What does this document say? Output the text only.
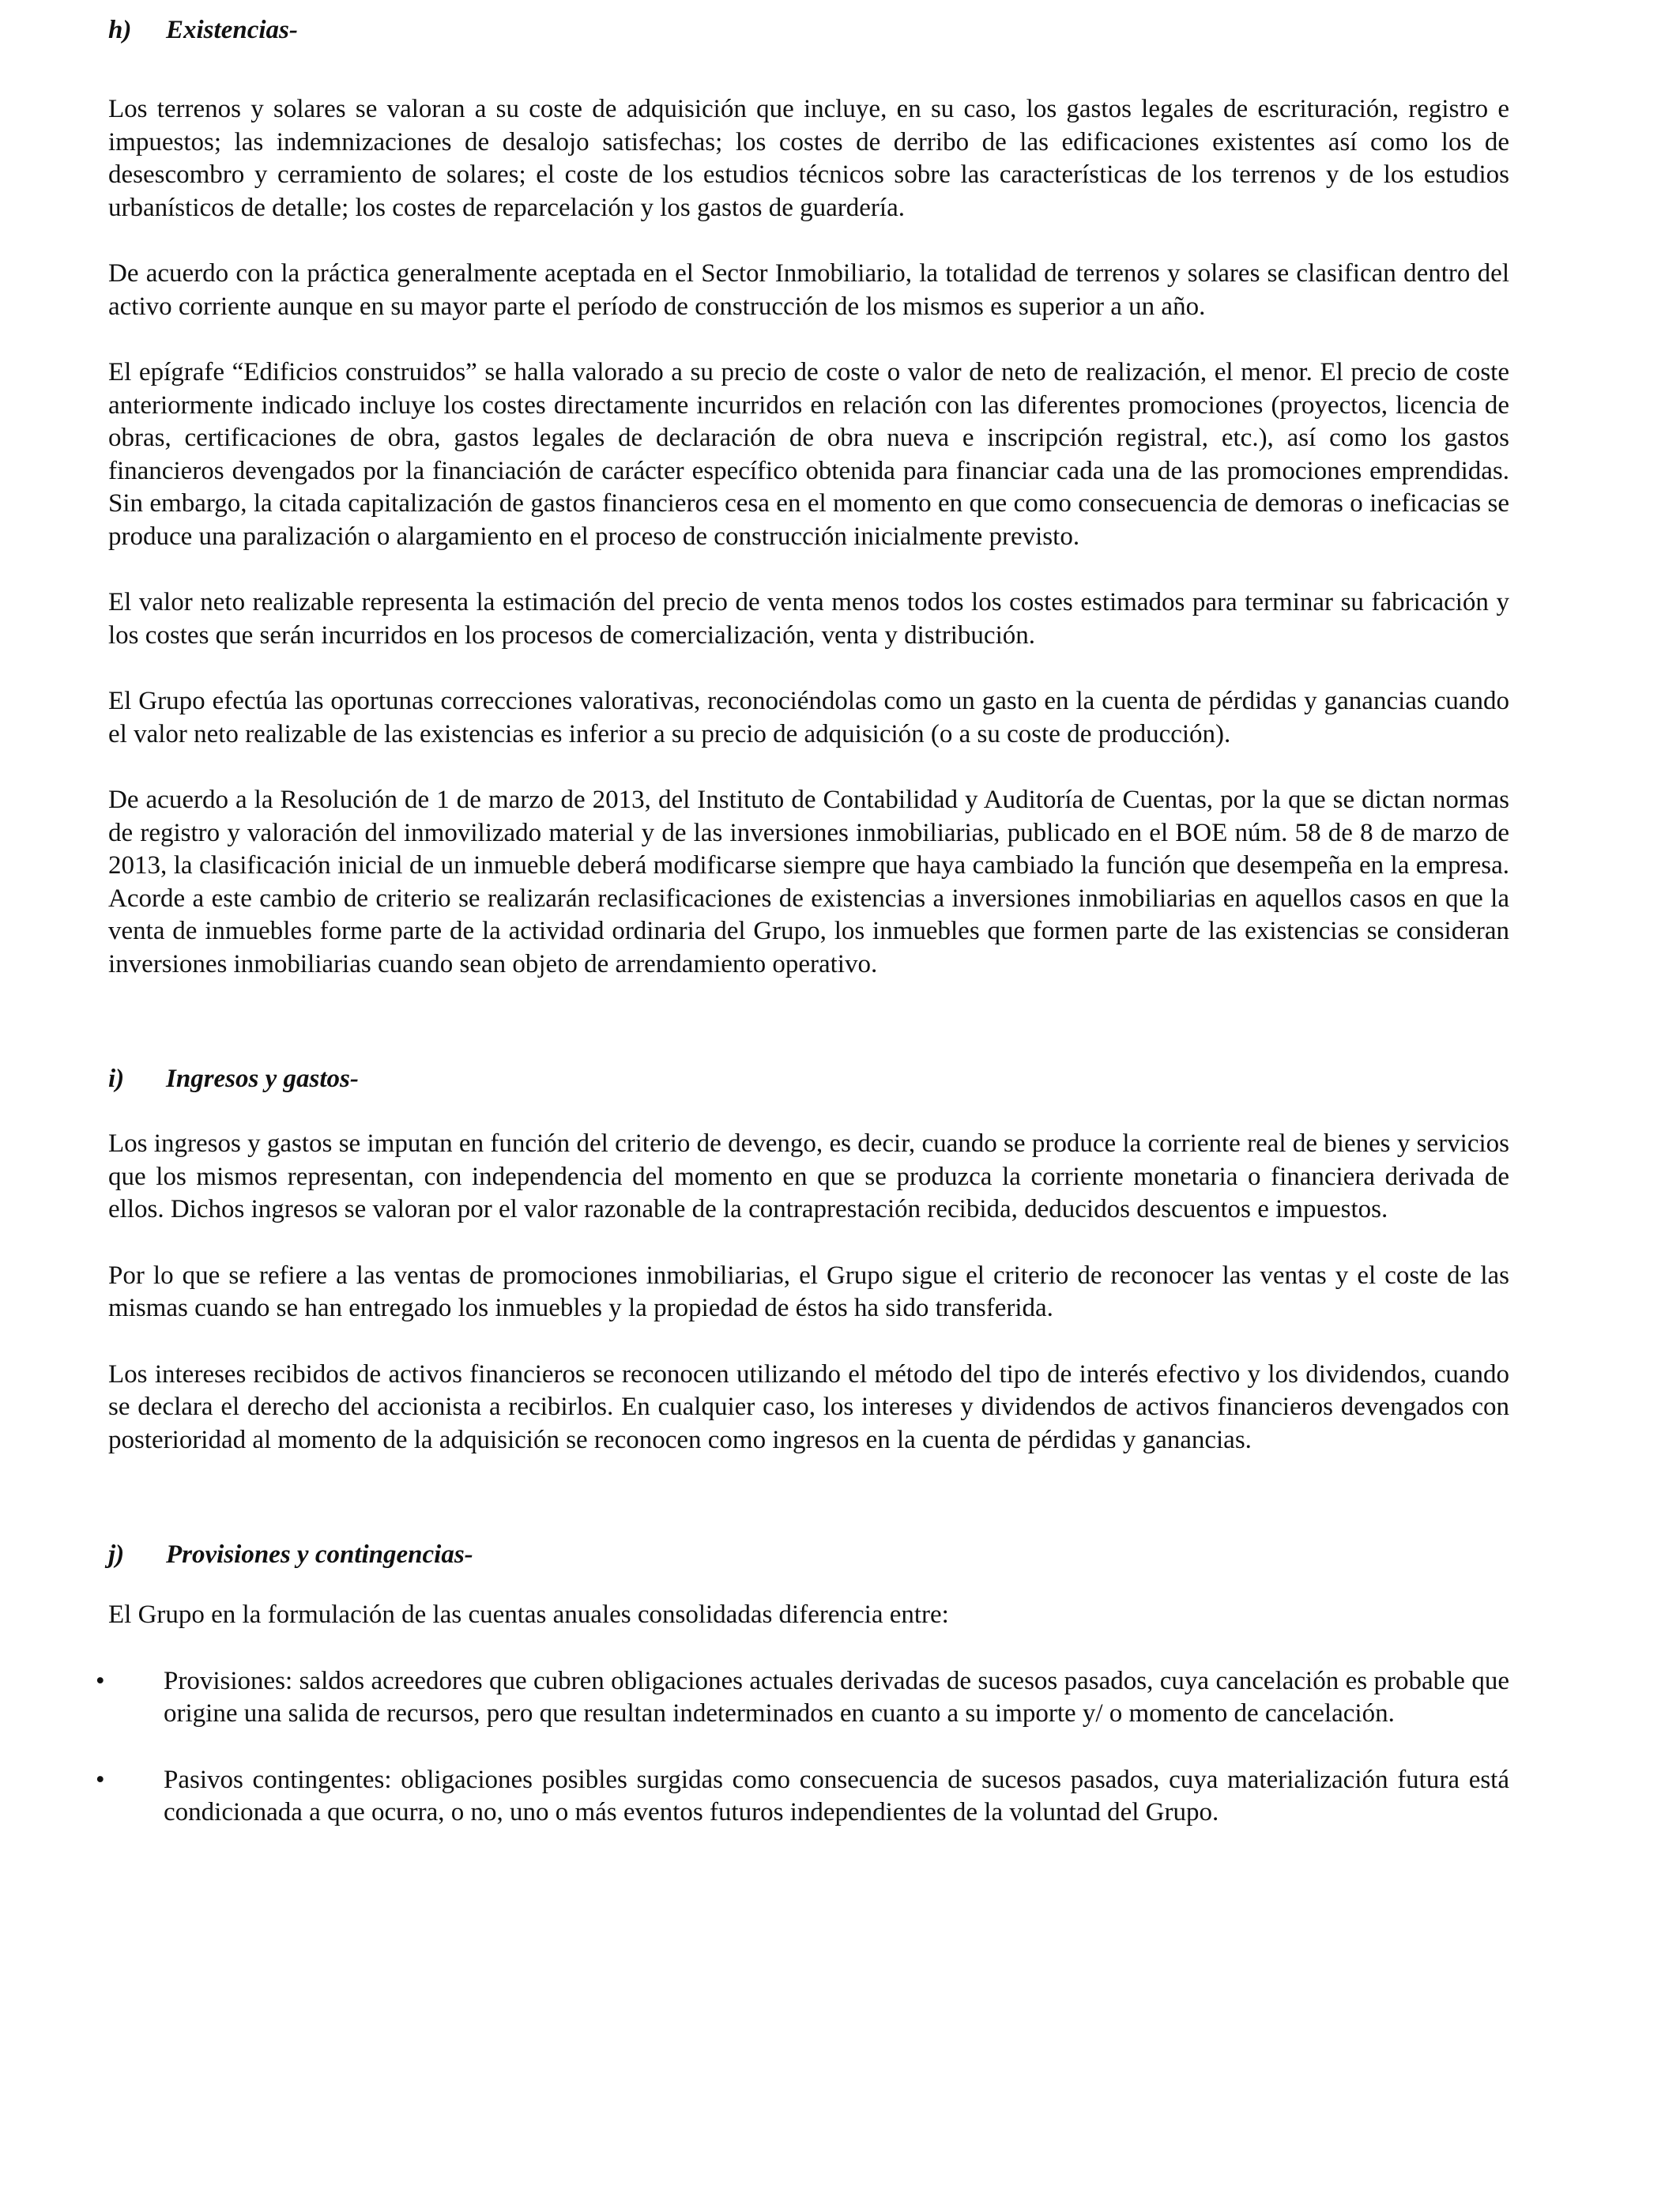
h)	Existencias-

Los terrenos y solares se valoran a su coste de adquisición que incluye, en su caso, los gastos legales de escrituración, registro e impuestos; las indemnizaciones de desalojo satisfechas; los costes de derribo de las edificaciones existentes así como los de desescombro y cerramiento de solares; el coste de los estudios técnicos sobre las características de los terrenos y de los estudios urbanísticos de detalle; los costes de reparcelación y los gastos de guardería.

De acuerdo con la práctica generalmente aceptada en el Sector Inmobiliario, la totalidad de terrenos y solares se clasifican dentro del activo corriente aunque en su mayor parte el período de construcción de los mismos es superior a un año.

El epígrafe “Edificios construidos” se halla valorado a su precio de coste o valor de neto de realización, el menor. El precio de coste anteriormente indicado incluye los costes directamente incurridos en relación con las diferentes promociones (proyectos, licencia de obras, certificaciones de obra, gastos legales de declaración de obra nueva e inscripción registral, etc.), así como los gastos financieros devengados por la financiación de carácter específico obtenida para financiar cada una de las promociones emprendidas. Sin embargo, la citada capitalización de gastos financieros cesa en el momento en que como consecuencia de demoras o ineficacias se produce una paralización o alargamiento en el proceso de construcción inicialmente previsto.

El valor neto realizable representa la estimación del precio de venta menos todos los costes estimados para terminar su fabricación y los costes que serán incurridos en los procesos de comercialización, venta y distribución.

El Grupo efectúa las oportunas correcciones valorativas, reconociéndolas como un gasto en la cuenta de pérdidas y ganancias cuando el valor neto realizable de las existencias es inferior a su precio de adquisición (o a su coste de producción).

De acuerdo a la Resolución de 1 de marzo de 2013, del Instituto de Contabilidad y Auditoría de Cuentas, por la que se dictan normas de registro y valoración del inmovilizado material y de las inversiones inmobiliarias, publicado en el BOE núm. 58 de 8 de marzo de 2013, la clasificación inicial de un inmueble deberá modificarse siempre que haya cambiado la función que desempeña en la empresa. Acorde a este cambio de criterio se realizarán reclasificaciones de existencias a inversiones inmobiliarias en aquellos casos en que la venta de inmuebles forme parte de la actividad ordinaria del Grupo, los inmuebles que formen parte de las existencias se consideran inversiones inmobiliarias cuando sean objeto de arrendamiento operativo.

i)	Ingresos y gastos-

Los ingresos y gastos se imputan en función del criterio de devengo, es decir, cuando se produce la corriente real de bienes y servicios que los mismos representan, con independencia del momento en que se produzca la corriente monetaria o financiera derivada de ellos. Dichos ingresos se valoran por el valor razonable de la contraprestación recibida, deducidos descuentos e impuestos.

Por lo que se refiere a las ventas de promociones inmobiliarias, el Grupo sigue el criterio de reconocer las ventas y el coste de las mismas cuando se han entregado los inmuebles y la propiedad de éstos ha sido transferida.

Los intereses recibidos de activos financieros se reconocen utilizando el método del tipo de interés efectivo y los dividendos, cuando se declara el derecho del accionista a recibirlos. En cualquier caso, los intereses y dividendos de activos financieros devengados con posterioridad al momento de la adquisición se reconocen como ingresos en la cuenta de pérdidas y ganancias.

j)	Provisiones y contingencias-

El Grupo en la formulación de las cuentas anuales consolidadas diferencia entre:

• Provisiones: saldos acreedores que cubren obligaciones actuales derivadas de sucesos pasados, cuya cancelación es probable que origine una salida de recursos, pero que resultan indeterminados en cuanto a su importe y/ o momento de cancelación.

• Pasivos contingentes: obligaciones posibles surgidas como consecuencia de sucesos pasados, cuya materialización futura está condicionada a que ocurra, o no, uno o más eventos futuros independientes de la voluntad del Grupo.
